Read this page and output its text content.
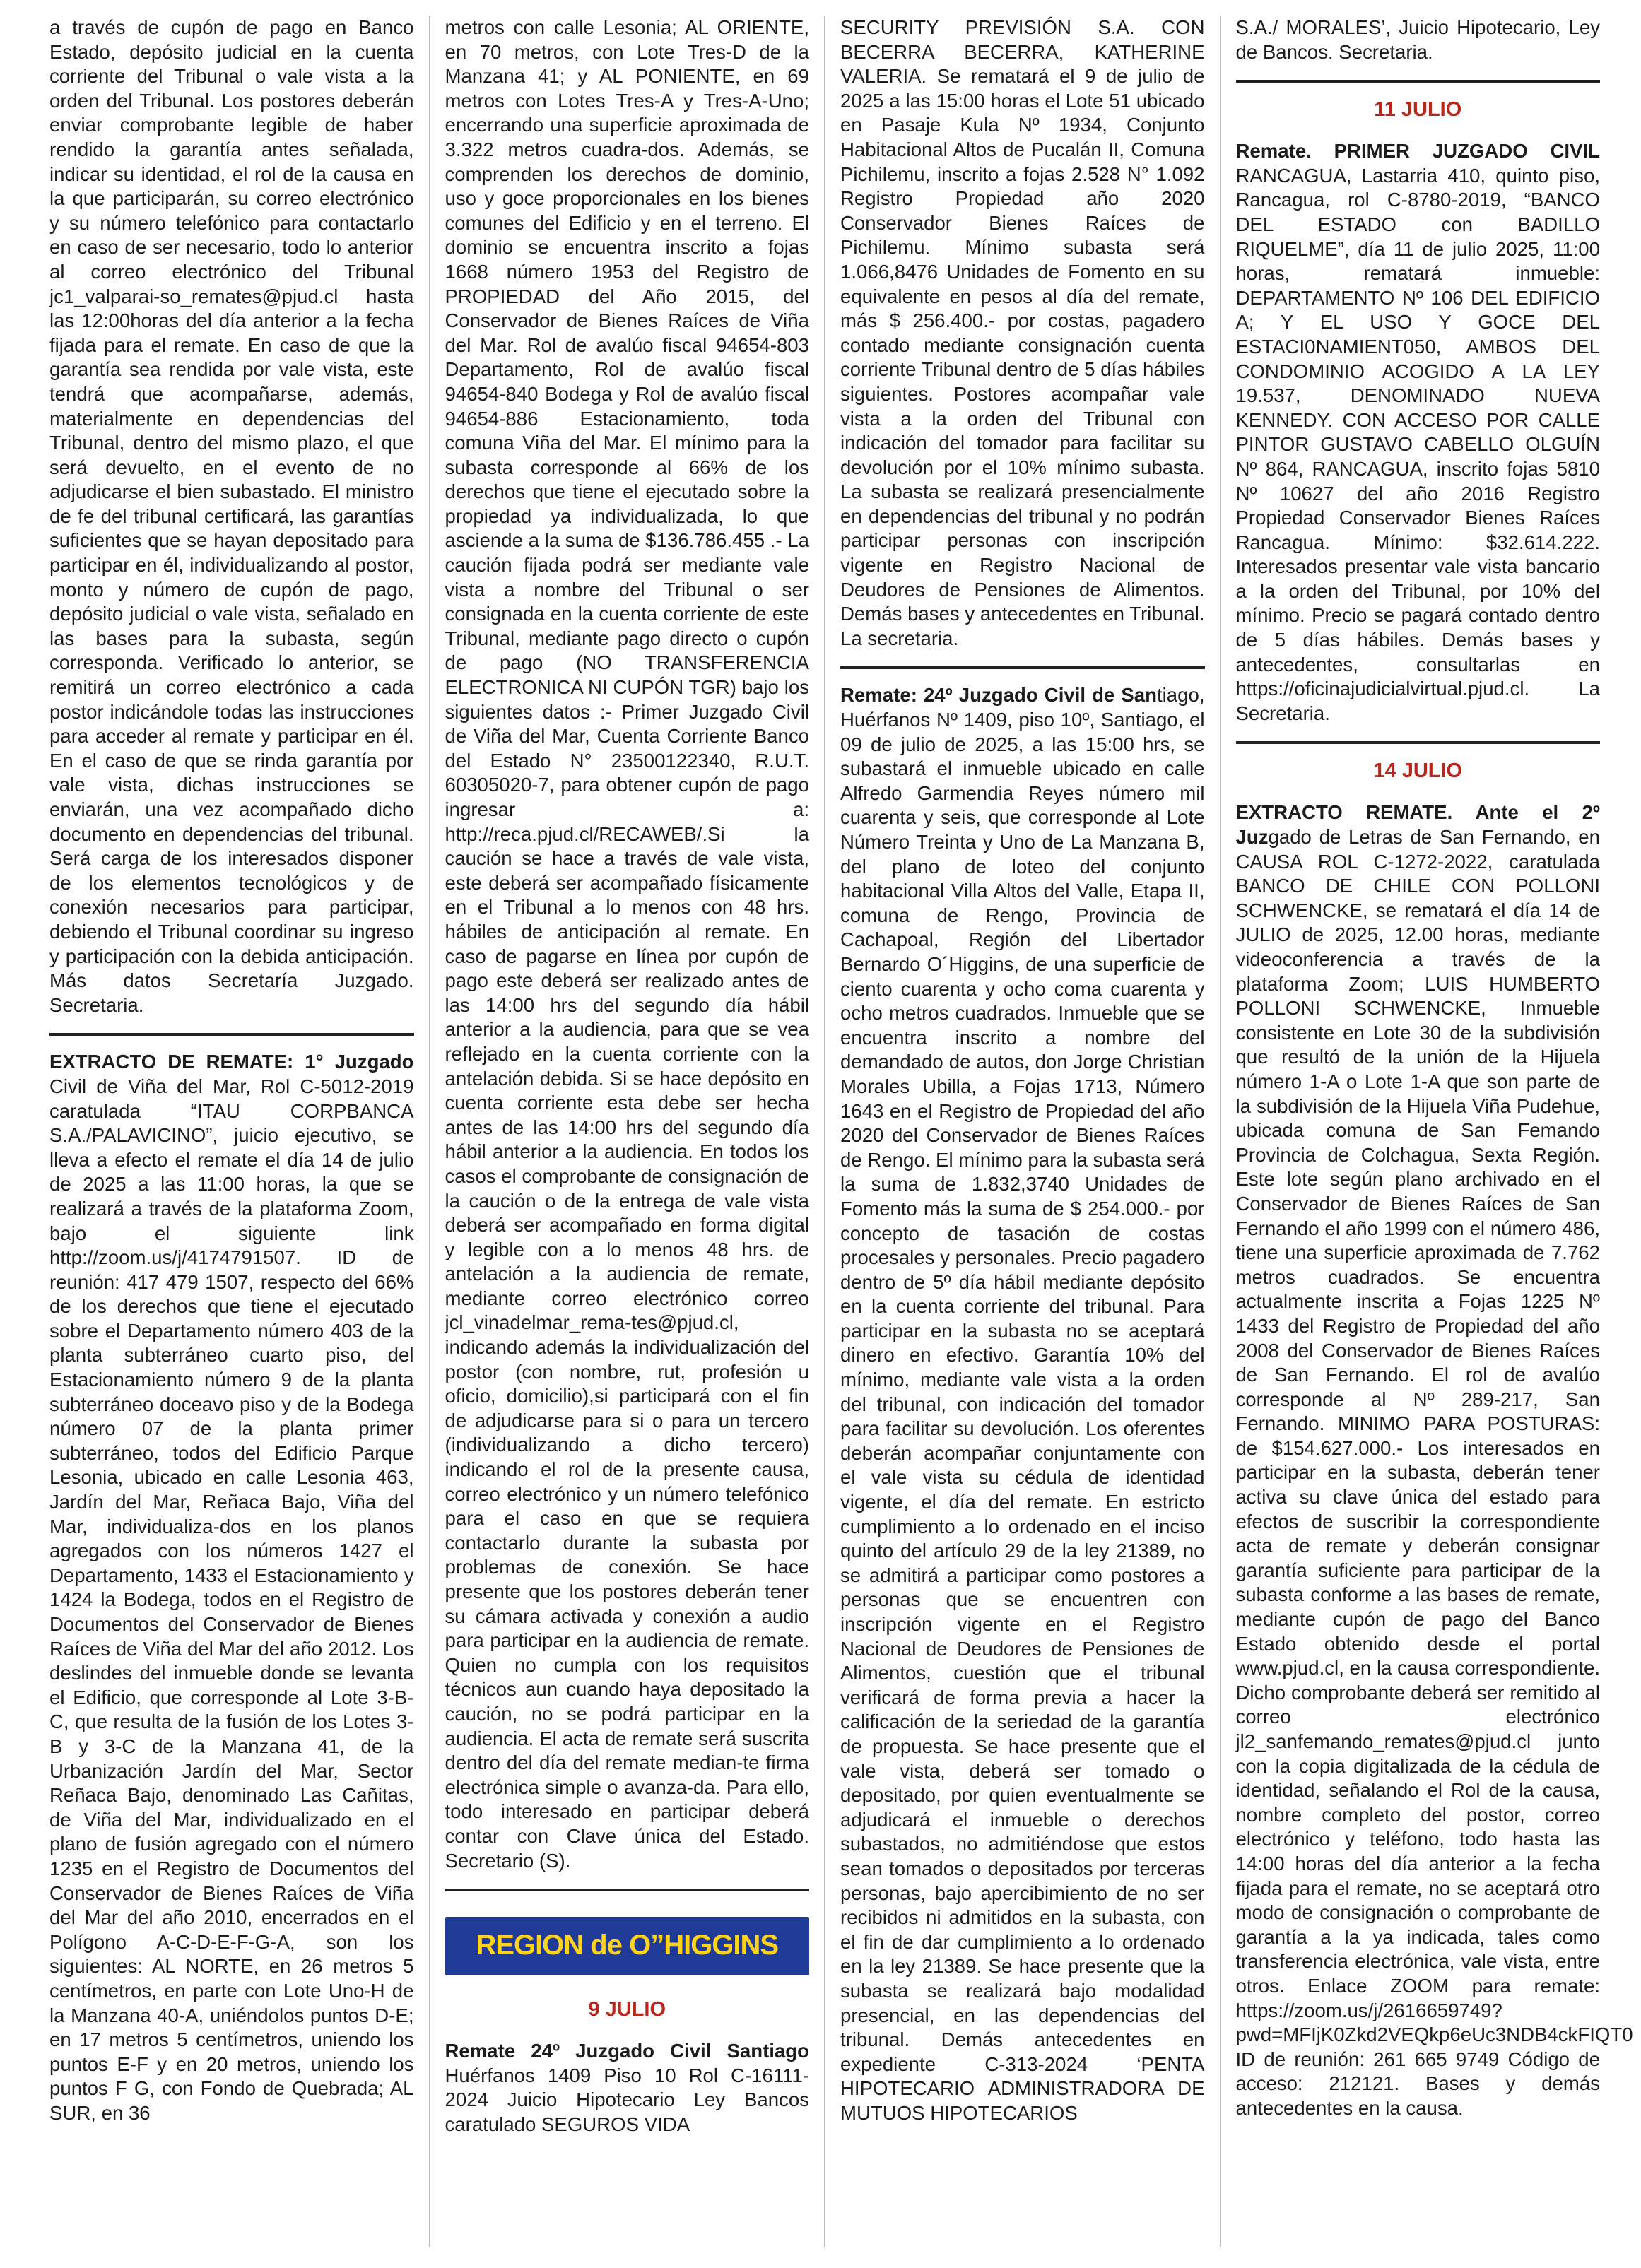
a través de cupón de pago en Banco Estado, depósito judicial en la cuenta corriente del Tribunal o vale vista a la orden del Tribunal. Los postores deberán enviar comprobante legible de haber rendido la garantía antes señalada, indicar su identidad, el rol de la causa en la que participarán, su correo electrónico y su número telefónico para contactarlo en caso de ser necesario, todo lo anterior al correo electrónico del Tribunal jc1_valparai-so_remates@pjud.cl hasta las 12:00horas del día anterior a la fecha fijada para el remate. En caso de que la garantía sea rendida por vale vista, este tendrá que acompañarse, además, materialmente en dependencias del Tribunal, dentro del mismo plazo, el que será devuelto, en el evento de no adjudicarse el bien subastado. El ministro de fe del tribunal certificará, las garantías suficientes que se hayan depositado para participar en él, individualizando al postor, monto y número de cupón de pago, depósito judicial o vale vista, señalado en las bases para la subasta, según corresponda. Verificado lo anterior, se remitirá un correo electrónico a cada postor indicándole todas las instrucciones para acceder al remate y participar en él. En el caso de que se rinda garantía por vale vista, dichas instrucciones se enviarán, una vez acompañado dicho documento en dependencias del tribunal. Será carga de los interesados disponer de los elementos tecnológicos y de conexión necesarios para participar, debiendo el Tribunal coordinar su ingreso y participación con la debida anticipación. Más datos Secretaría Juzgado. Secretaria.

EXTRACTO DE REMATE: 1° Juzgado Civil de Viña del Mar, Rol C-5012-2019 caratulada “ITAU CORPBANCA S.A./PALAVICINO”, juicio ejecutivo, se lleva a efecto el remate el día 14 de julio de 2025 a las 11:00 horas, la que se realizará a través de la plataforma Zoom, bajo el siguiente link http://zoom.us/j/4174791507. ID de reunión: 417 479 1507, respecto del 66% de los derechos que tiene el ejecutado sobre el Departamento número 403 de la planta subterráneo cuarto piso, del Estacionamiento número 9 de la planta subterráneo doceavo piso y de la Bodega número 07 de la planta primer subterráneo, todos del Edificio Parque Lesonia, ubicado en calle Lesonia 463, Jardín del Mar, Reñaca Bajo, Viña del Mar, individualiza-dos en los planos agregados con los números 1427 el Departamento, 1433 el Estacionamiento y 1424 la Bodega, todos en el Registro de Documentos del Conservador de Bienes Raíces de Viña del Mar del año 2012. Los deslindes del inmueble donde se levanta el Edificio, que corresponde al Lote 3-B-C, que resulta de la fusión de los Lotes 3-B y 3-C de la Manzana 41, de la Urbanización Jardín del Mar, Sector Reñaca Bajo, denominado Las Cañitas, de Viña del Mar, individualizado en el plano de fusión agregado con el número 1235 en el Registro de Documentos del Conservador de Bienes Raíces de Viña del Mar del año 2010, encerrados en el Polígono A-C-D-E-F-G-A, son los siguientes: AL NORTE, en 26 metros 5 centímetros, en parte con Lote Uno-H de la Manzana 40-A, uniéndolos puntos D-E; en 17 metros 5 centímetros, uniendo los puntos E-F y en 20 metros, uniendo los puntos F G, con Fondo de Quebrada; AL SUR, en 36

metros con calle Lesonia; AL ORIENTE, en 70 metros, con Lote Tres-D de la Manzana 41; y AL PONIENTE, en 69 metros con Lotes Tres-A y Tres-A-Uno; encerrando una superficie aproximada de 3.322 metros cuadra-dos. Además, se comprenden los derechos de dominio, uso y goce proporcionales en los bienes comunes del Edificio y en el terreno. El dominio se encuentra inscrito a fojas 1668 número 1953 del Registro de PROPIEDAD del Año 2015, del Conservador de Bienes Raíces de Viña del Mar. Rol de avalúo fiscal 94654-803 Departamento, Rol de avalúo fiscal 94654-840 Bodega y Rol de avalúo fiscal 94654-886 Estacionamiento, toda comuna Viña del Mar. El mínimo para la subasta corresponde al 66% de los derechos que tiene el ejecutado sobre la propiedad ya individualizada, lo que asciende a la suma de $136.786.455 .- La caución fijada podrá ser mediante vale vista a nombre del Tribunal o ser consignada en la cuenta corriente de este Tribunal, mediante pago directo o cupón de pago (NO TRANSFERENCIA ELECTRONICA NI CUPÓN TGR) bajo los siguientes datos :- Primer Juzgado Civil de Viña del Mar, Cuenta Corriente Banco del Estado N° 23500122340, R.U.T. 60305020-7, para obtener cupón de pago ingresar a: http://reca.pjud.cl/RECAWEB/.Si la caución se hace a través de vale vista, este deberá ser acompañado físicamente en el Tribunal a lo menos con 48 hrs. hábiles de anticipación al remate. En caso de pagarse en línea por cupón de pago este deberá ser realizado antes de las 14:00 hrs del segundo día hábil anterior a la audiencia, para que se vea reflejado en la cuenta corriente con la antelación debida. Si se hace depósito en cuenta corriente esta debe ser hecha antes de las 14:00 hrs del segundo día hábil anterior a la audiencia. En todos los casos el comprobante de consignación de la caución o de la entrega de vale vista deberá ser acompañado en forma digital y legible con a lo menos 48 hrs. de antelación a la audiencia de remate, mediante correo electrónico correo jcl_vinadelmar_rema-tes@pjud.cl, indicando además la individualización del postor (con nombre, rut, profesión u oficio, domicilio),si participará con el fin de adjudicarse para si o para un tercero (individualizando a dicho tercero) indicando el rol de la presente causa, correo electrónico y un número telefónico para el caso en que se requiera contactarlo durante la subasta por problemas de conexión. Se hace presente que los postores deberán tener su cámara activada y conexión a audio para participar en la audiencia de remate. Quien no cumpla con los requisitos técnicos aun cuando haya depositado la caución, no se podrá participar en la audiencia. El acta de remate será suscrita dentro del día del remate median-te firma electrónica simple o avanza-da. Para ello, todo interesado en participar deberá contar con Clave única del Estado. Secretario (S).

REGION de O”HIGGINS
9 JULIO

Remate 24º Juzgado Civil Santiago Huérfanos 1409 Piso 10 Rol C-16111-2024 Juicio Hipotecario Ley Bancos caratulado SEGUROS VIDA

SECURITY PREVISIÓN S.A. CON BECERRA BECERRA, KATHERINE VALERIA. Se rematará el 9 de julio de 2025 a las 15:00 horas el Lote 51 ubicado en Pasaje Kula Nº 1934, Conjunto Habitacional Altos de Pucalán II, Comuna Pichilemu, inscrito a fojas 2.528 N° 1.092 Registro Propiedad año 2020 Conservador Bienes Raíces de Pichilemu. Mínimo subasta será 1.066,8476 Unidades de Fomento en su equivalente en pesos al día del remate, más $ 256.400.- por costas, pagadero contado mediante consignación cuenta corriente Tribunal dentro de 5 días hábiles siguientes. Postores acompañar vale vista a la orden del Tribunal con indicación del tomador para facilitar su devolución por el 10% mínimo subasta. La subasta se realizará presencialmente en dependencias del tribunal y no podrán participar personas con inscripción vigente en Registro Nacional de Deudores de Pensiones de Alimentos. Demás bases y antecedentes en Tribunal. La secretaria.

Remate: 24º Juzgado Civil de Santiago, Huérfanos Nº 1409, piso 10º, Santiago, el 09 de julio de 2025, a las 15:00 hrs, se subastará el inmueble ubicado en calle Alfredo Garmendia Reyes número mil cuarenta y seis, que corresponde al Lote Número Treinta y Uno de La Manzana B, del plano de loteo del conjunto habitacional Villa Altos del Valle, Etapa II, comuna de Rengo, Provincia de Cachapoal, Región del Libertador Bernardo O´Higgins, de una superficie de ciento cuarenta y ocho coma cuarenta y ocho metros cuadrados. Inmueble que se encuentra inscrito a nombre del demandado de autos, don Jorge Christian Morales Ubilla, a Fojas 1713, Número 1643 en el Registro de Propiedad del año 2020 del Conservador de Bienes Raíces de Rengo. El mínimo para la subasta será la suma de 1.832,3740 Unidades de Fomento más la suma de $ 254.000.- por concepto de tasación de costas procesales y personales. Precio pagadero dentro de 5º día hábil mediante depósito en la cuenta corriente del tribunal. Para participar en la subasta no se aceptará dinero en efectivo. Garantía 10% del mínimo, mediante vale vista a la orden del tribunal, con indicación del tomador para facilitar su devolución. Los oferentes deberán acompañar conjuntamente con el vale vista su cédula de identidad vigente, el día del remate. En estricto cumplimiento a lo ordenado en el inciso quinto del artículo 29 de la ley 21389, no se admitirá a participar como postores a personas que se encuentren con inscripción vigente en el Registro Nacional de Deudores de Pensiones de Alimentos, cuestión que el tribunal verificará de forma previa a hacer la calificación de la seriedad de la garantía de propuesta. Se hace presente que el vale vista, deberá ser tomado o depositado, por quien eventualmente se adjudicará el inmueble o derechos subastados, no admitiéndose que estos sean tomados o depositados por terceras personas, bajo apercibimiento de no ser recibidos ni admitidos en la subasta, con el fin de dar cumplimiento a lo ordenado en la ley 21389. Se hace presente que la subasta se realizará bajo modalidad presencial, en las dependencias del tribunal. Demás antecedentes en expediente C-313-2024 ‘PENTA HIPOTECARIO ADMINISTRADORA DE MUTUOS HIPOTECARIOS

S.A./ MORALES’, Juicio Hipotecario, Ley de Bancos. Secretaria.

11 JULIO

Remate. PRIMER JUZGADO CIVIL RANCAGUA, Lastarria 410, quinto piso, Rancagua, rol C-8780-2019, “BANCO DEL ESTADO con BADILLO RIQUELME”, día 11 de julio 2025, 11:00 horas, rematará inmueble: DEPARTAMENTO Nº 106 DEL EDIFICIO A; Y EL USO Y GOCE DEL ESTACI0NAMIENT050, AMBOS DEL CONDOMINIO ACOGIDO A LA LEY 19.537, DENOMINADO NUEVA KENNEDY. CON ACCESO POR CALLE PINTOR GUSTAVO CABELLO OLGUÍN Nº 864, RANCAGUA, inscrito fojas 5810 Nº 10627 del año 2016 Registro Propiedad Conservador Bienes Raíces Rancagua. Mínimo: $32.614.222. Interesados presentar vale vista bancario a la orden del Tribunal, por 10% del mínimo. Precio se pagará contado dentro de 5 días hábiles. Demás bases y antecedentes, consultarlas en https://oficinajudicialvirtual.pjud.cl. La Secretaria.

14 JULIO

EXTRACTO REMATE. Ante el 2º Juzgado de Letras de San Fernando, en CAUSA ROL C-1272-2022, caratulada BANCO DE CHILE CON POLLONI SCHWENCKE, se rematará el día 14 de JULIO de 2025, 12.00 horas, mediante videoconferencia a través de la plataforma Zoom; LUIS HUMBERTO POLLONI SCHWENCKE, Inmueble consistente en Lote 30 de la subdivisión que resultó de la unión de la Hijuela número 1-A o Lote 1-A que son parte de la subdivisión de la Hijuela Viña Pudehue, ubicada comuna de San Femando Provincia de Colchagua, Sexta Región. Este lote según plano archivado en el Conservador de Bienes Raíces de San Fernando el año 1999 con el número 486, tiene una superficie aproximada de 7.762 metros cuadrados. Se encuentra actualmente inscrita a Fojas 1225 Nº 1433 del Registro de Propiedad del año 2008 del Conservador de Bienes Raíces de San Fernando. El rol de avalúo corresponde al Nº 289-217, San Fernando. MINIMO PARA POSTURAS: de $154.627.000.- Los interesados en participar en la subasta, deberán tener activa su clave única del estado para efectos de suscribir la correspondiente acta de remate y deberán consignar garantía suficiente para participar de la subasta conforme a las bases de remate, mediante cupón de pago del Banco Estado obtenido desde el portal www.pjud.cl, en la causa correspondiente. Dicho comprobante deberá ser remitido al correo electrónico jl2_sanfemando_remates@pjud.cl junto con la copia digitalizada de la cédula de identidad, señalando el Rol de la causa, nombre completo del postor, correo electrónico y teléfono, todo hasta las 14:00 horas del día anterior a la fecha fijada para el remate, no se aceptará otro modo de consignación o comprobante de garantía a la ya indicada, tales como transferencia electrónica, vale vista, entre otros. Enlace ZOOM para remate: https://zoom.us/j/2616659749?pwd=MFIjK0Zkd2VEQkp6eUc3NDB4ckFIQT0 ID de reunión: 261 665 9749 Código de acceso: 212121. Bases y demás antecedentes en la causa.
